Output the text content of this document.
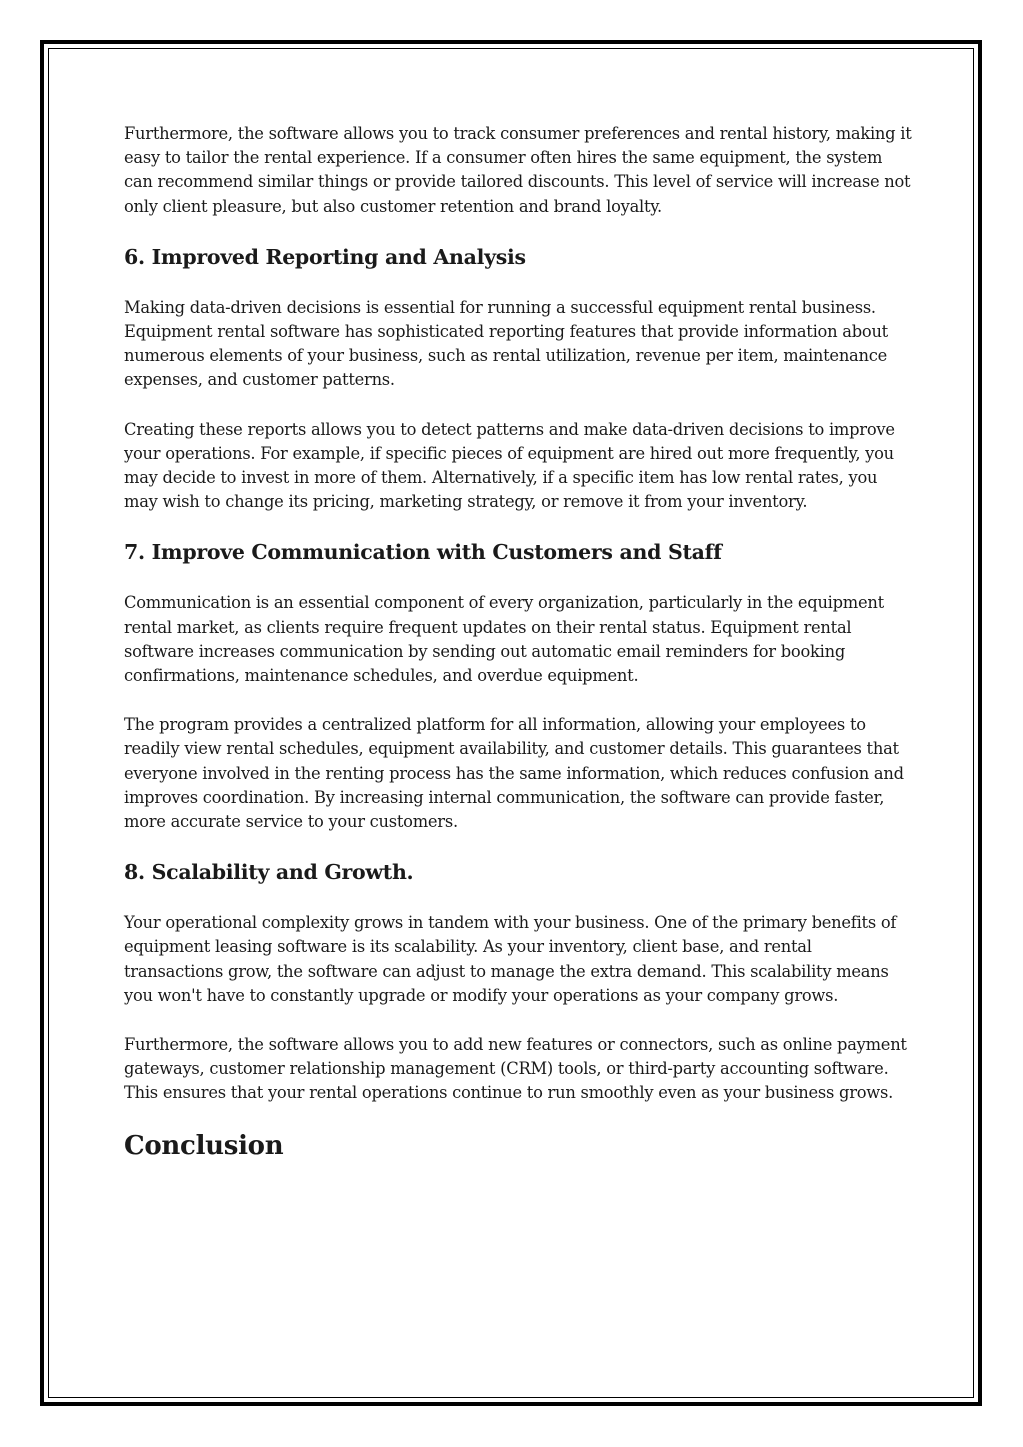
Furthermore, the software allows you to track consumer preferences and rental history, making it easy to tailor the rental experience. If a consumer often hires the same equipment, the system can recommend similar things or provide tailored discounts. This level of service will increase not only client pleasure, but also customer retention and brand loyalty.

6. Improved Reporting and Analysis

Making data-driven decisions is essential for running a successful equipment rental business. Equipment rental software has sophisticated reporting features that provide information about numerous elements of your business, such as rental utilization, revenue per item, maintenance expenses, and customer patterns.

Creating these reports allows you to detect patterns and make data-driven decisions to improve your operations. For example, if specific pieces of equipment are hired out more frequently, you may decide to invest in more of them. Alternatively, if a specific item has low rental rates, you may wish to change its pricing, marketing strategy, or remove it from your inventory.

7. Improve Communication with Customers and Staff

Communication is an essential component of every organization, particularly in the equipment rental market, as clients require frequent updates on their rental status. Equipment rental software increases communication by sending out automatic email reminders for booking confirmations, maintenance schedules, and overdue equipment.

The program provides a centralized platform for all information, allowing your employees to readily view rental schedules, equipment availability, and customer details. This guarantees that everyone involved in the renting process has the same information, which reduces confusion and improves coordination. By increasing internal communication, the software can provide faster, more accurate service to your customers.

8. Scalability and Growth.

Your operational complexity grows in tandem with your business. One of the primary benefits of equipment leasing software is its scalability. As your inventory, client base, and rental transactions grow, the software can adjust to manage the extra demand. This scalability means you won't have to constantly upgrade or modify your operations as your company grows.

Furthermore, the software allows you to add new features or connectors, such as online payment gateways, customer relationship management (CRM) tools, or third-party accounting software. This ensures that your rental operations continue to run smoothly even as your business grows.

Conclusion
